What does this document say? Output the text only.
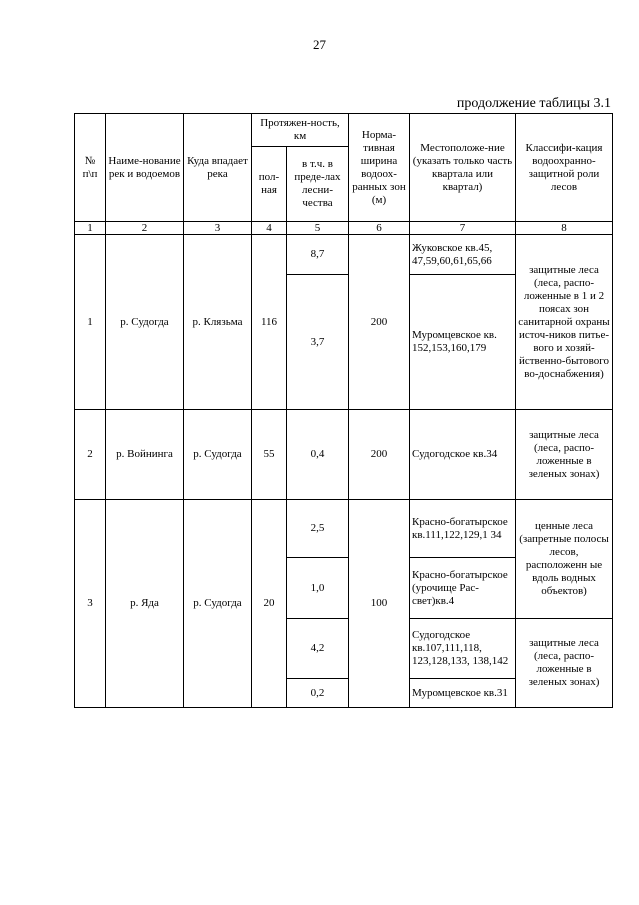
27
продолжение таблицы 3.1
№ п\п	Наиме-нование рек и водоемов	Куда впадает река	Протяжен-ность, км		Норма-тивная ширина водоох-ранных зон (м)	Местоположе-ние (указать только часть квартала или квартал)	Классифи-кация водоохранно-защитной роли лесов
			пол-ная	в т.ч. в преде-лах лесни-чества			
1	2	3	4	5	6	7	8
1	р. Судогда	р. Клязьма	116	8,7	200	Жуковское кв.45, 47,59,60,61,65,66	защитные леса (леса, распо-ложенные в 1 и 2 поясах зон санитарной охраны источ-ников питье-вого и хозяй-йственно-бытового во-доснабжения)
				3,7		Муромцевское кв. 152,153,160,179	
2	р. Войнинга	р. Судогда	55	0,4	200	Судогодское кв.34	защитные леса (леса, распо-ложенные в зеленых зонах)
3	р. Яда	р. Судогда	20	2,5	100	Красно-богатырское кв.111,122,129,1 34	ценные леса (запретные полосы лесов, расположенн ые вдоль водных объектов)
				1,0		Красно-богатырское (урочище Рас-свет)кв.4	
				4,2		Судогодское кв.107,111,118, 123,128,133, 138,142	защитные леса (леса, распо-ложенные в зеленых зонах)
				0,2		Муромцевское кв.31	
